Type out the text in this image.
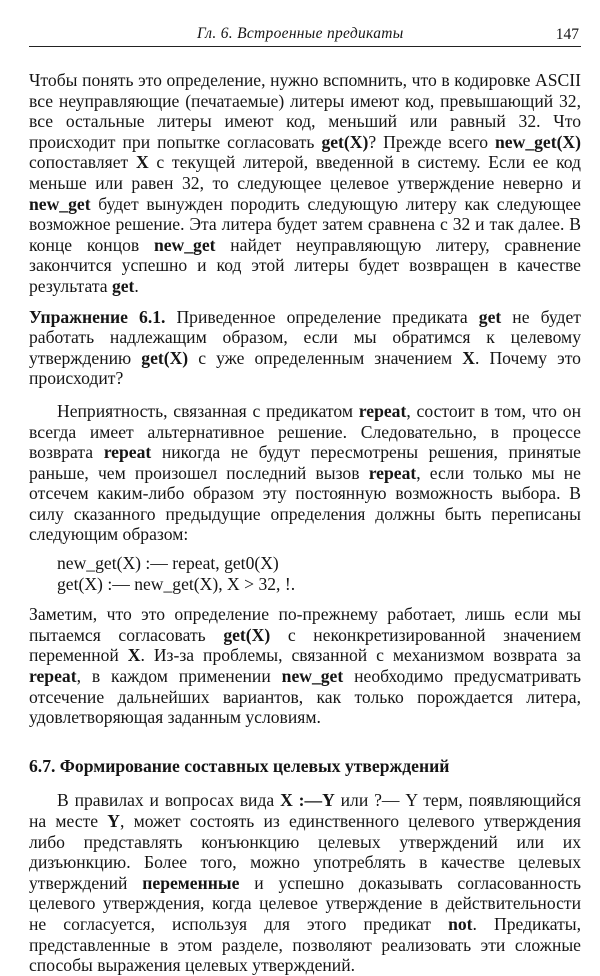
Гл. 6. Встроенные предикаты	147

Чтобы понять это определение, нужно вспомнить, что в кодировке ASCII все неуправляющие (печатаемые) литеры имеют код, превышающий 32, все остальные литеры имеют код, меньший или равный 32. Что происходит при попытке согласовать get(X)? Прежде всего new_get(X) сопоставляет X с текущей литерой, введенной в систему. Если ее код меньше или равен 32, то следующее целевое утверждение неверно и new_get будет вынужден породить следующую литеру как следующее возможное решение. Эта литера будет затем сравнена с 32 и так далее. В конце концов new_get найдет неуправляющую литеру, сравнение закончится успешно и код этой литеры будет возвращен в качестве результата get.

Упражнение 6.1. Приведенное определение предиката get не будет работать надлежащим образом, если мы обратимся к целевому утверждению get(X) с уже определенным значением X. Почему это происходит?

Неприятность, связанная с предикатом repeat, состоит в том, что он всегда имеет альтернативное решение. Следовательно, в процессе возврата repeat никогда не будут пересмотрены решения, принятые раньше, чем произошел последний вызов repeat, если только мы не отсечем каким-либо образом эту постоянную возможность выбора. В силу сказанного предыдущие определения должны быть переписаны следующим образом:

new_get(X) :— repeat, get0(X)
get(X) :— new_get(X), X > 32, !.

Заметим, что это определение по-прежнему работает, лишь если мы пытаемся согласовать get(X) с неконкретизированной значением переменной X. Из-за проблемы, связанной с механизмом возврата за repeat, в каждом применении new_get необходимо предусматривать отсечение дальнейших вариантов, как только порождается литера, удовлетворяющая заданным условиям.

6.7. Формирование составных целевых утверждений

В правилах и вопросах вида X :—Y или ?— Y терм, появляющийся на месте Y, может состоять из единственного целевого утверждения либо представлять конъюнкцию целевых утверждений или их дизъюнкцию. Более того, можно употреблять в качестве целевых утверждений переменные и успешно доказывать согласованность целевого утверждения, когда целевое утверждение в действительности не согласуется, используя для этого предикат not. Предикаты, представленные в этом разделе, позволяют реализовать эти сложные способы выражения целевых утверждений.
